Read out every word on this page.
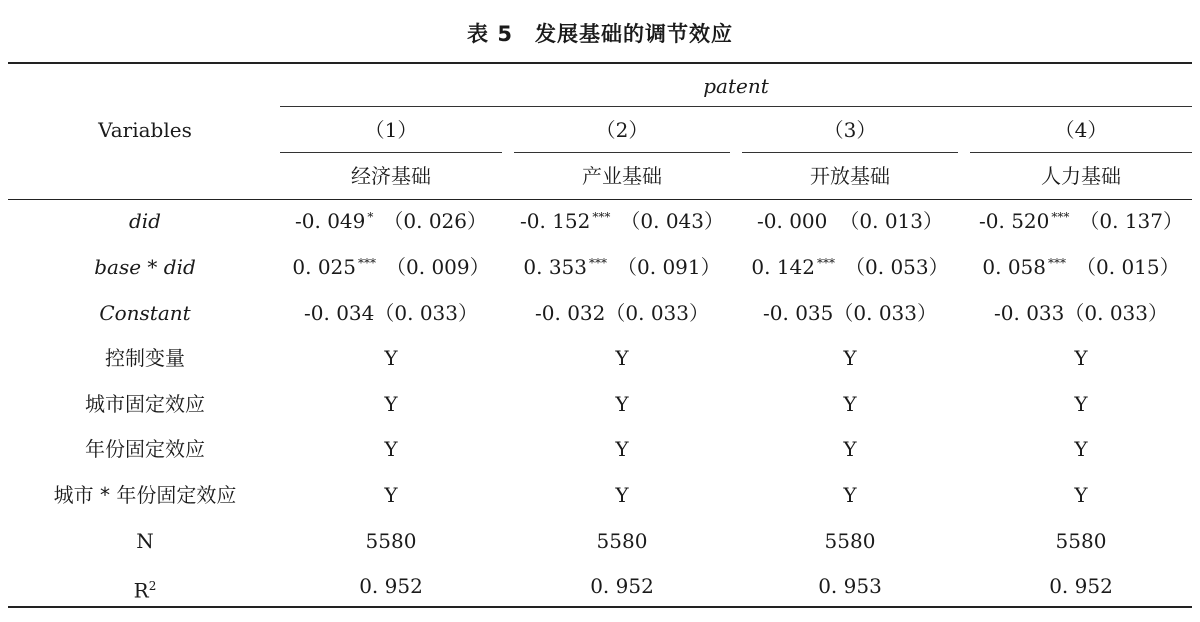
表 5 发展基础的调节效应
Variables
patent
（1）	（2）	（3）	（4）
经济基础	产业基础	开放基础	人力基础
did	-0. 049 * （0. 026）	-0. 152 *** （0. 043）	-0. 000 （0. 013）	-0. 520 *** （0. 137）
base * did	0. 025 *** （0. 009）	0. 353 *** （0. 091）	0. 142 *** （0. 053）	0. 058 *** （0. 015）
Constant	-0. 034（0. 033）	-0. 032（0. 033）	-0. 035（0. 033）	-0. 033（0. 033）
控制变量	Y	Y	Y	Y
城市固定效应	Y	Y	Y	Y
年份固定效应	Y	Y	Y	Y
城市 * 年份固定效应	Y	Y	Y	Y
N	5580	5580	5580	5580
$R^2$	0. 952	0. 952	0. 953	0. 952
